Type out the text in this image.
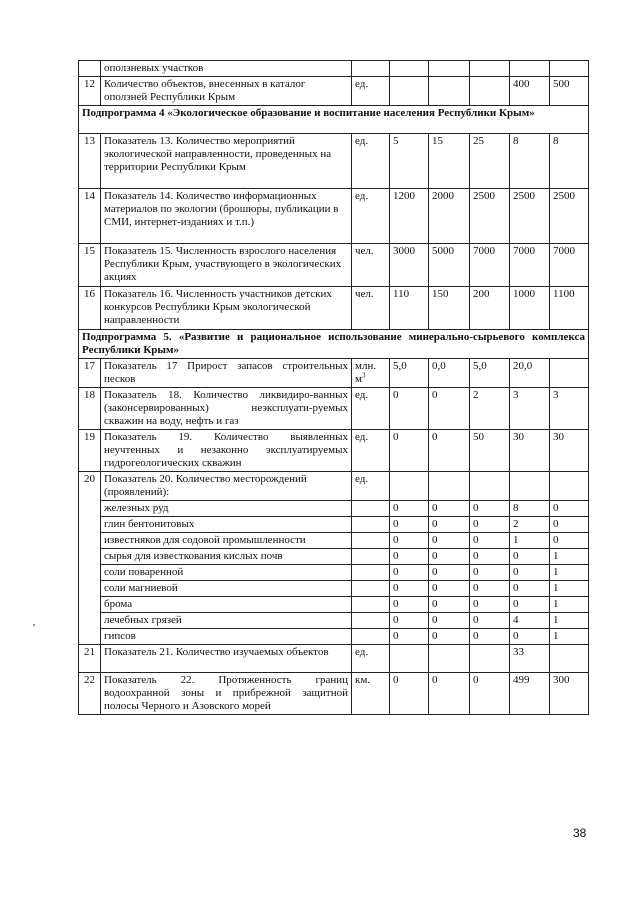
	оползневых участков						
12	Количество объектов, внесенных в каталог оползней Республики Крым	ед.				400	500
Подпрограмма 4 «Экологическое образование и воспитание населения Республики Крым»							
13	Показатель 13. Количество мероприятий экологической направленности, проведенных на территории Республики Крым	ед.	5	15	25	8	8
14	Показатель 14. Количество информационных материалов по экологии (брошюры, публикации в СМИ, интернет-изданиях и т.п.)	ед.	1200	2000	2500	2500	2500
15	Показатель 15. Численность взрослого населения Республики Крым, участвующего в экологических акциях	чел.	3000	5000	7000	7000	7000
16	Показатель 16. Численность участников детских конкурсов Республики Крым экологической направленности	чел.	110	150	200	1000	1100
Подпрограмма 5. «Развитие и рациональное использование минерально-сырьевого комплекса Республики Крым»							
17	Показатель 17 Прирост запасов строительных песков	млн. $м^3$	5,0	0,0	5,0	20,0	
18	Показатель 18. Количество ликвидиро-ванных (законсервированных) неэксплуати-руемых скважин на воду, нефть и газ	ед.	0	0	2	3	3
19	Показатель 19. Количество выявленных неучтенных и незаконно эксплуатируемых гидрогеологических скважин	ед.	0	0	50	30	30
20	Показатель 20. Количество месторождений (проявлений):	ед.					
	железных руд		0	0	0	8	0
	глин бентонитовых		0	0	0	2	0
	известняков для содовой промышленности		0	0	0	1	0
	сырья для известкования кислых почв		0	0	0	0	1
	соли поваренной		0	0	0	0	1
	соли магниевой		0	0	0	0	1
	брома		0	0	0	0	1
	лечебных грязей		0	0	0	4	1
	гипсов		0	0	0	0	1
21	Показатель 21. Количество изучаемых объектов	ед.				33	
22	Показатель 22. Протяженность границ водоохранной зоны и прибрежной защитной полосы Черного и Азовского морей	км.	0	0	0	499	300
38
